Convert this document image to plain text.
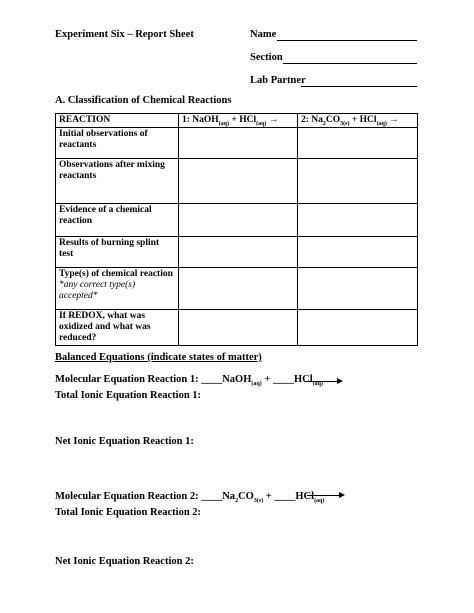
Experiment Six – Report Sheet	Name
Section
Lab Partner
A. Classification of Chemical Reactions
REACTION	1: NaOH$_{(aq)}$ + HCl$_{(aq)}$ →	2: $Na_2CO_{3(s)} + HCl_{(aq)}$ →
Initial observations of reactants		
Observations after mixing reactants		
Evidence of a chemical reaction		
Results of burning splint test		

Type(s) of chemical reaction
*any correct type(s) accepted*		

If REDOX, what was oxidized and what was reduced?		
Balanced Equations (indicate states of matter)
Molecular Equation Reaction 1: ____NaOH$_{(aq)}$ + ____HCl$_{(aq)}$
Total Ionic Equation Reaction 1:
Net Ionic Equation Reaction 1:
Molecular Equation Reaction 2: $\_\_\_\_Na_2CO_{3(s)}$ + ____HCl$_{(aq)}$
Total Ionic Equation Reaction 2:
Net Ionic Equation Reaction 2:
